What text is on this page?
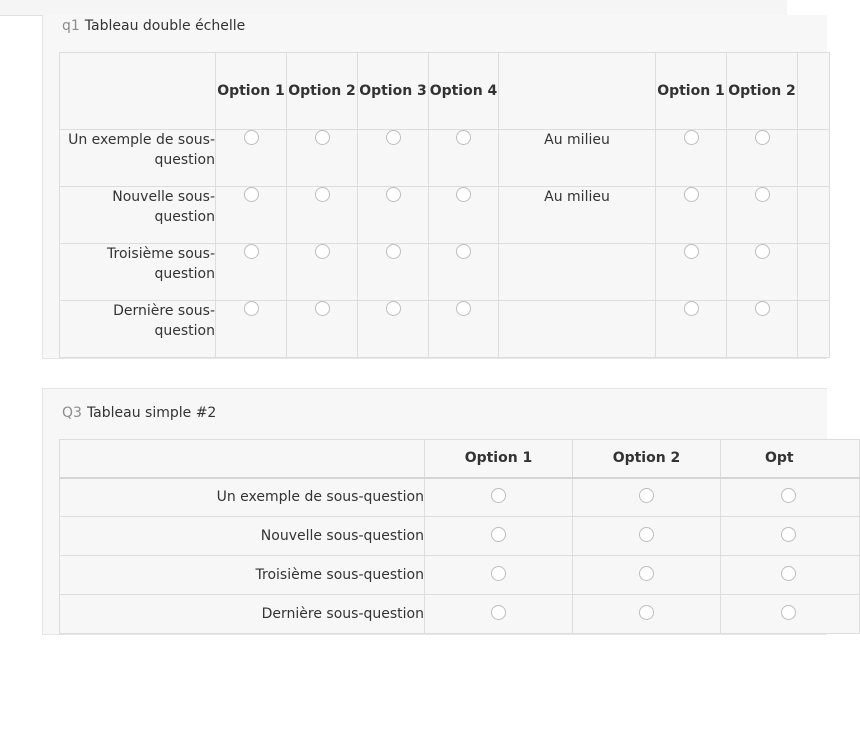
q1 Tableau double échelle
	Option 1	Option 2	Option 3	Option 4		Option 1	Option 2	
Un exemple de sous-question					Au milieu			
Nouvelle sous-question					Au milieu			
Troisième sous-question								
Dernière sous-question								
Q3 Tableau simple #2
	Option 1	Option 2	Opt
Un exemple de sous-question			
Nouvelle sous-question			
Troisième sous-question			
Dernière sous-question			
